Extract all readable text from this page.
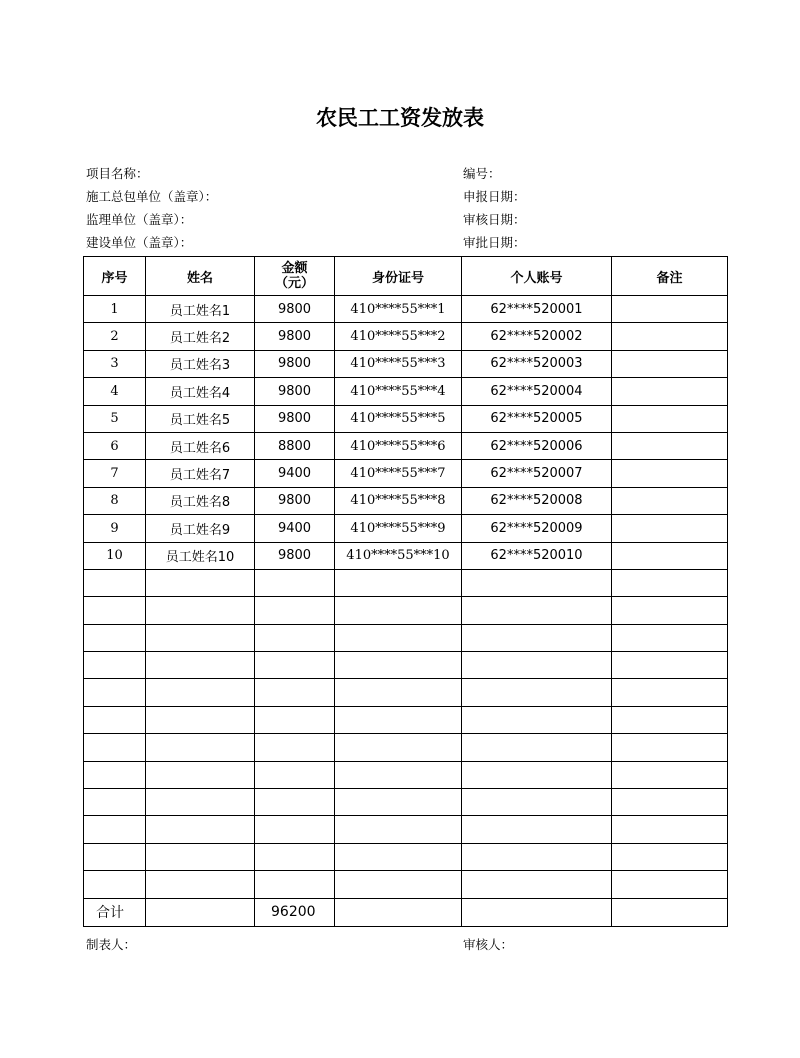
农民工工资发放表
项目名称：
施工总包单位（盖章）：
监理单位（盖章）：
建设单位（盖章）：
编号：
申报日期：
审核日期：
审批日期：
序号	姓名	金额（元）	身份证号	个人账号	备注
1	员工姓名1	9800	410****55***1	62****520001	
2	员工姓名2	9800	410****55***2	62****520002	
3	员工姓名3	9800	410****55***3	62****520003	
4	员工姓名4	9800	410****55***4	62****520004	
5	员工姓名5	9800	410****55***5	62****520005	
6	员工姓名6	8800	410****55***6	62****520006	
7	员工姓名7	9400	410****55***7	62****520007	
8	员工姓名8	9800	410****55***8	62****520008	
9	员工姓名9	9400	410****55***9	62****520009	
10	员工姓名10	9800	410****55***10	62****520010	

合计		96200			
制表人：	审核人：
